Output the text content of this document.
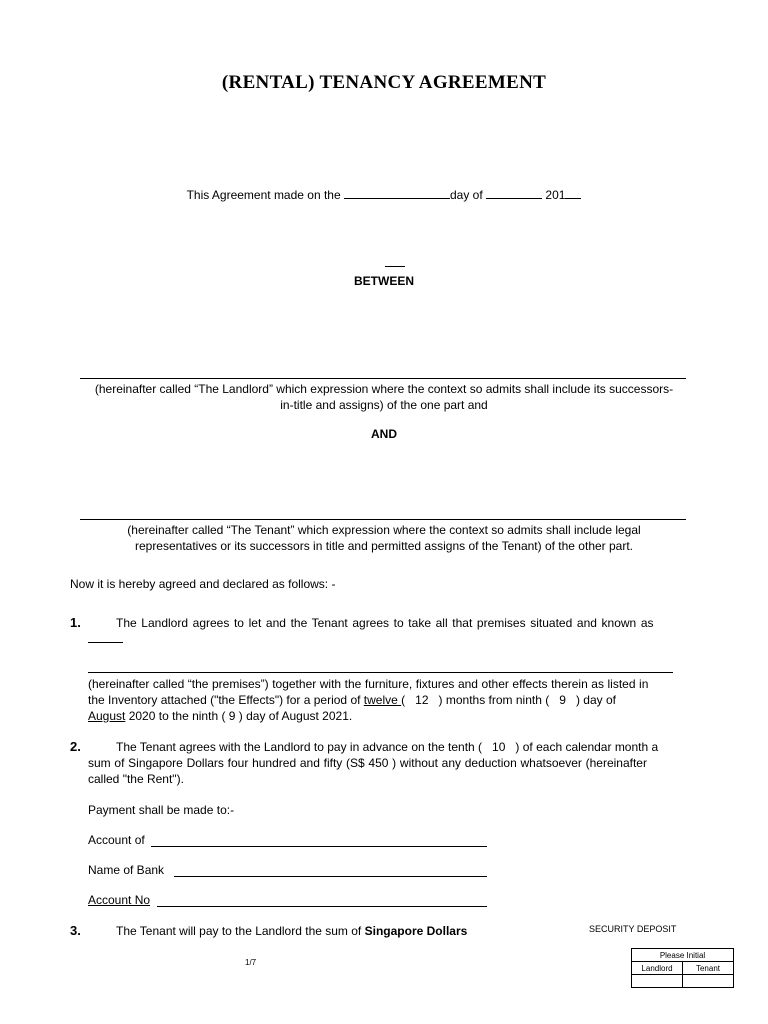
(RENTAL) TENANCY AGREEMENT
This Agreement made on the	day of	201
BETWEEN
(hereinafter called “The Landlord” which expression where the context so admits shall include its successors-
in-title and assigns) of the one part and
AND
(hereinafter called “The Tenant” which expression where the context so admits shall include legal
representatives or its successors in title and permitted assigns of the Tenant) of the other part.
Now it is hereby agreed and declared as follows: -
1.	The Landlord agrees to let and the Tenant agrees to take all that premises situated and known as
(hereinafter called “the premises”) together with the furniture, fixtures and other effects therein as listed in
the Inventory attached ("the Effects") for a period of twelve (   12   ) months from ninth ( 9 ) day of
August 2020 to the ninth ( 9 ) day of August 2021.
2.	The Tenant agrees with the Landlord to pay in advance on the tenth ( 10 ) of each calendar month a
sum of Singapore Dollars four hundred and fifty (S$ 450 ) without any deduction whatsoever (hereinafter
called "the Rent").
Payment shall be made to:-
Account of
Name of Bank
Account No
3.	The Tenant will pay to the Landlord the sum of Singapore Dollars	SECURITY DEPOSIT
1/7
Please Initial	
Landlord	Tenant
